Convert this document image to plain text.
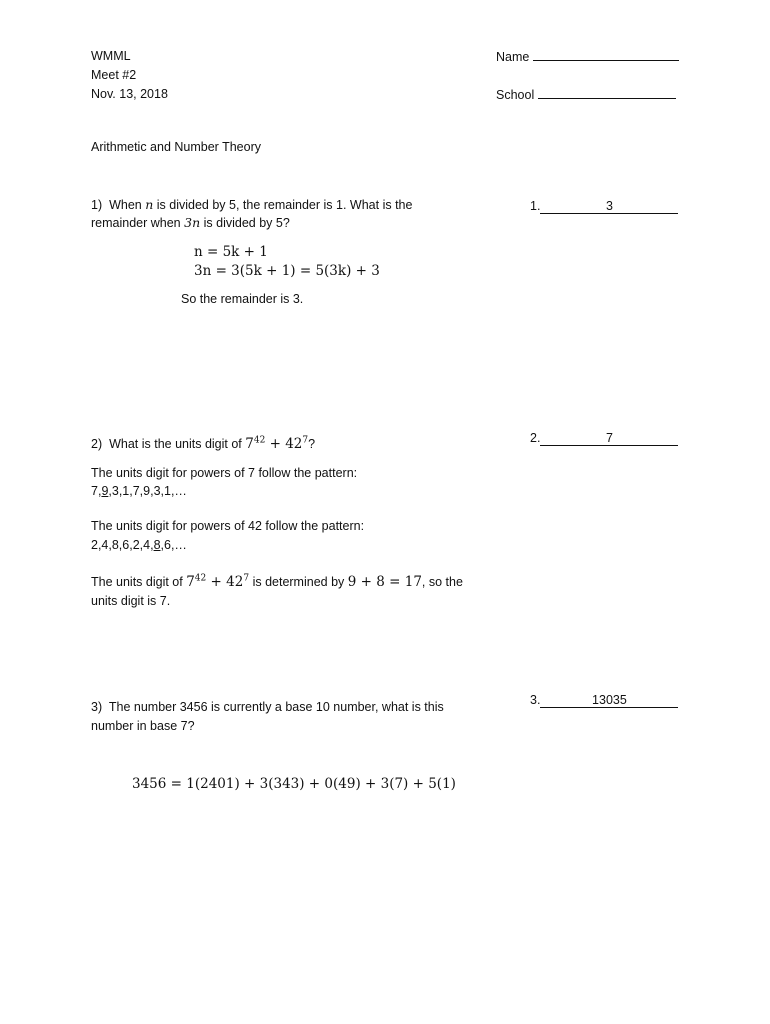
WMML
Meet #2
Nov. 13, 2018
Name
School
Arithmetic and Number Theory
1) When n is divided by 5, the remainder is 1. What is the
remainder when 3n is divided by 5?
1.	3
n = 5k + 1
3n = 3(5k + 1) = 5(3k) + 3
So the remainder is 3.
2) What is the units digit of $7^{42} + 42^7$?	2.	7
The units digit for powers of 7 follow the pattern:
7,9,3,1,7,9,3,1,…
The units digit for powers of 42 follow the pattern:
2,4,8,6,2,4,8,6,…
The units digit of $7^{42} + 42^7$ is determined by 9 + 8 = 17, so the
units digit is 7.
3) The number 3456 is currently a base 10 number, what is this
number in base 7?
3.	13035
3456 = 1(2401) + 3(343) + 0(49) + 3(7) + 5(1)
